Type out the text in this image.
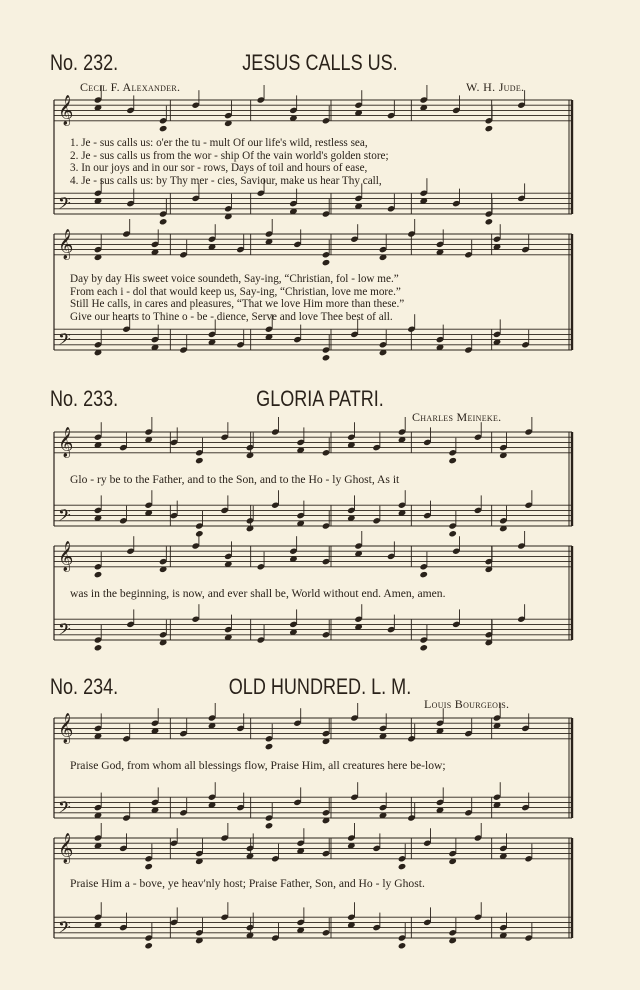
No. 232.	JESUS CALLS US.
Cecil F. Alexander.	W. H. Jude.
𝄞
𝄢
1. Je - sus calls us: o'er the tu - mult Of our life's wild, restless sea,
2. Je - sus calls us from the wor - ship Of the vain world's golden store;
3. In our joys and in our sor - rows, Days of toil and hours of ease,
4. Je - sus calls us: by Thy mer - cies, Saviour, make us hear Thy call,
𝄞
𝄢
Day by day His sweet voice soundeth, Say-ing, “Christian, fol - low me.”
From each i - dol that would keep us, Say-ing, “Christian, love me more.”
Still He calls, in cares and pleasures, “That we love Him more than these.”
Give our hearts to Thine o - be - dience, Serve and love Thee best of all.
No. 233.	GLORIA PATRI.
Charles Meineke.
𝄞
𝄢
Glo - ry be to the Father, and to the Son, and to the Ho - ly Ghost, As it
𝄞
𝄢
was in the beginning, is now, and ever shall be, World without end. Amen, amen.
No. 234.	OLD HUNDRED. L. M.
Louis Bourgeois.
𝄞
𝄢
Praise God, from whom all blessings flow, Praise Him, all creatures here be-low;
𝄞
𝄢
Praise Him a - bove, ye heav'nly host; Praise Father, Son, and Ho - ly Ghost.
